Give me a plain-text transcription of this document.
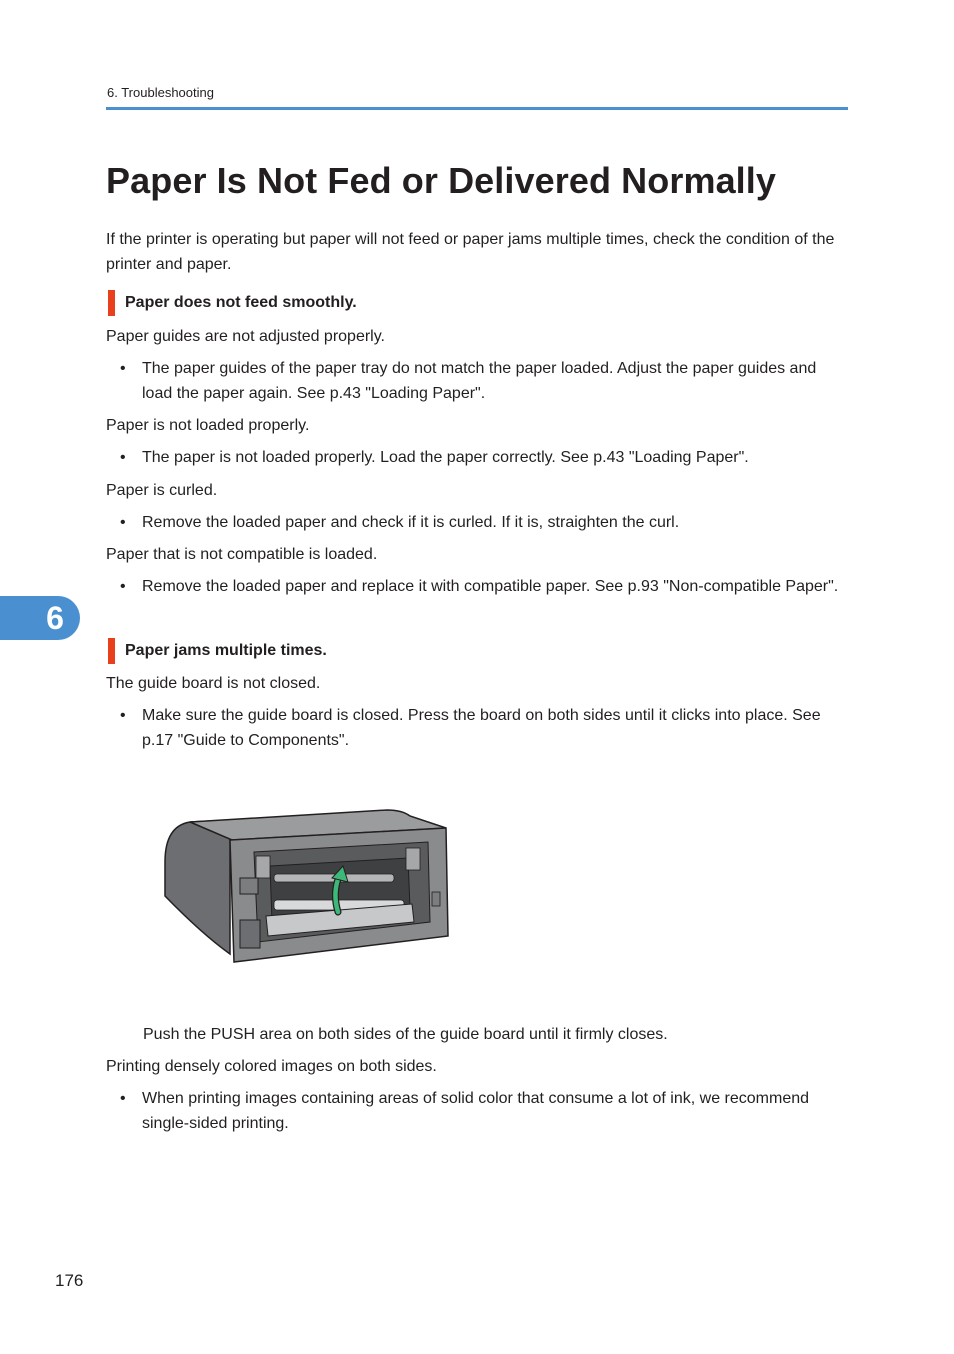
6. Troubleshooting
Paper Is Not Fed or Delivered Normally
If the printer is operating but paper will not feed or paper jams multiple times, check the condition of the printer and paper.
Paper does not feed smoothly.
Paper guides are not adjusted properly.
•	The paper guides of the paper tray do not match the paper loaded. Adjust the paper guides and load the paper again. See p.43 "Loading Paper".
Paper is not loaded properly.
•	The paper is not loaded properly. Load the paper correctly. See p.43 "Loading Paper".
Paper is curled.
•	Remove the loaded paper and check if it is curled. If it is, straighten the curl.
Paper that is not compatible is loaded.
•	Remove the loaded paper and replace it with compatible paper. See p.93 "Non-compatible Paper".
6
Paper jams multiple times.
The guide board is not closed.
•	Make sure the guide board is closed. Press the board on both sides until it clicks into place. See p.17 "Guide to Components".
Push the PUSH area on both sides of the guide board until it firmly closes.
Printing densely colored images on both sides.
•	When printing images containing areas of solid color that consume a lot of ink, we recommend single-sided printing.
176
